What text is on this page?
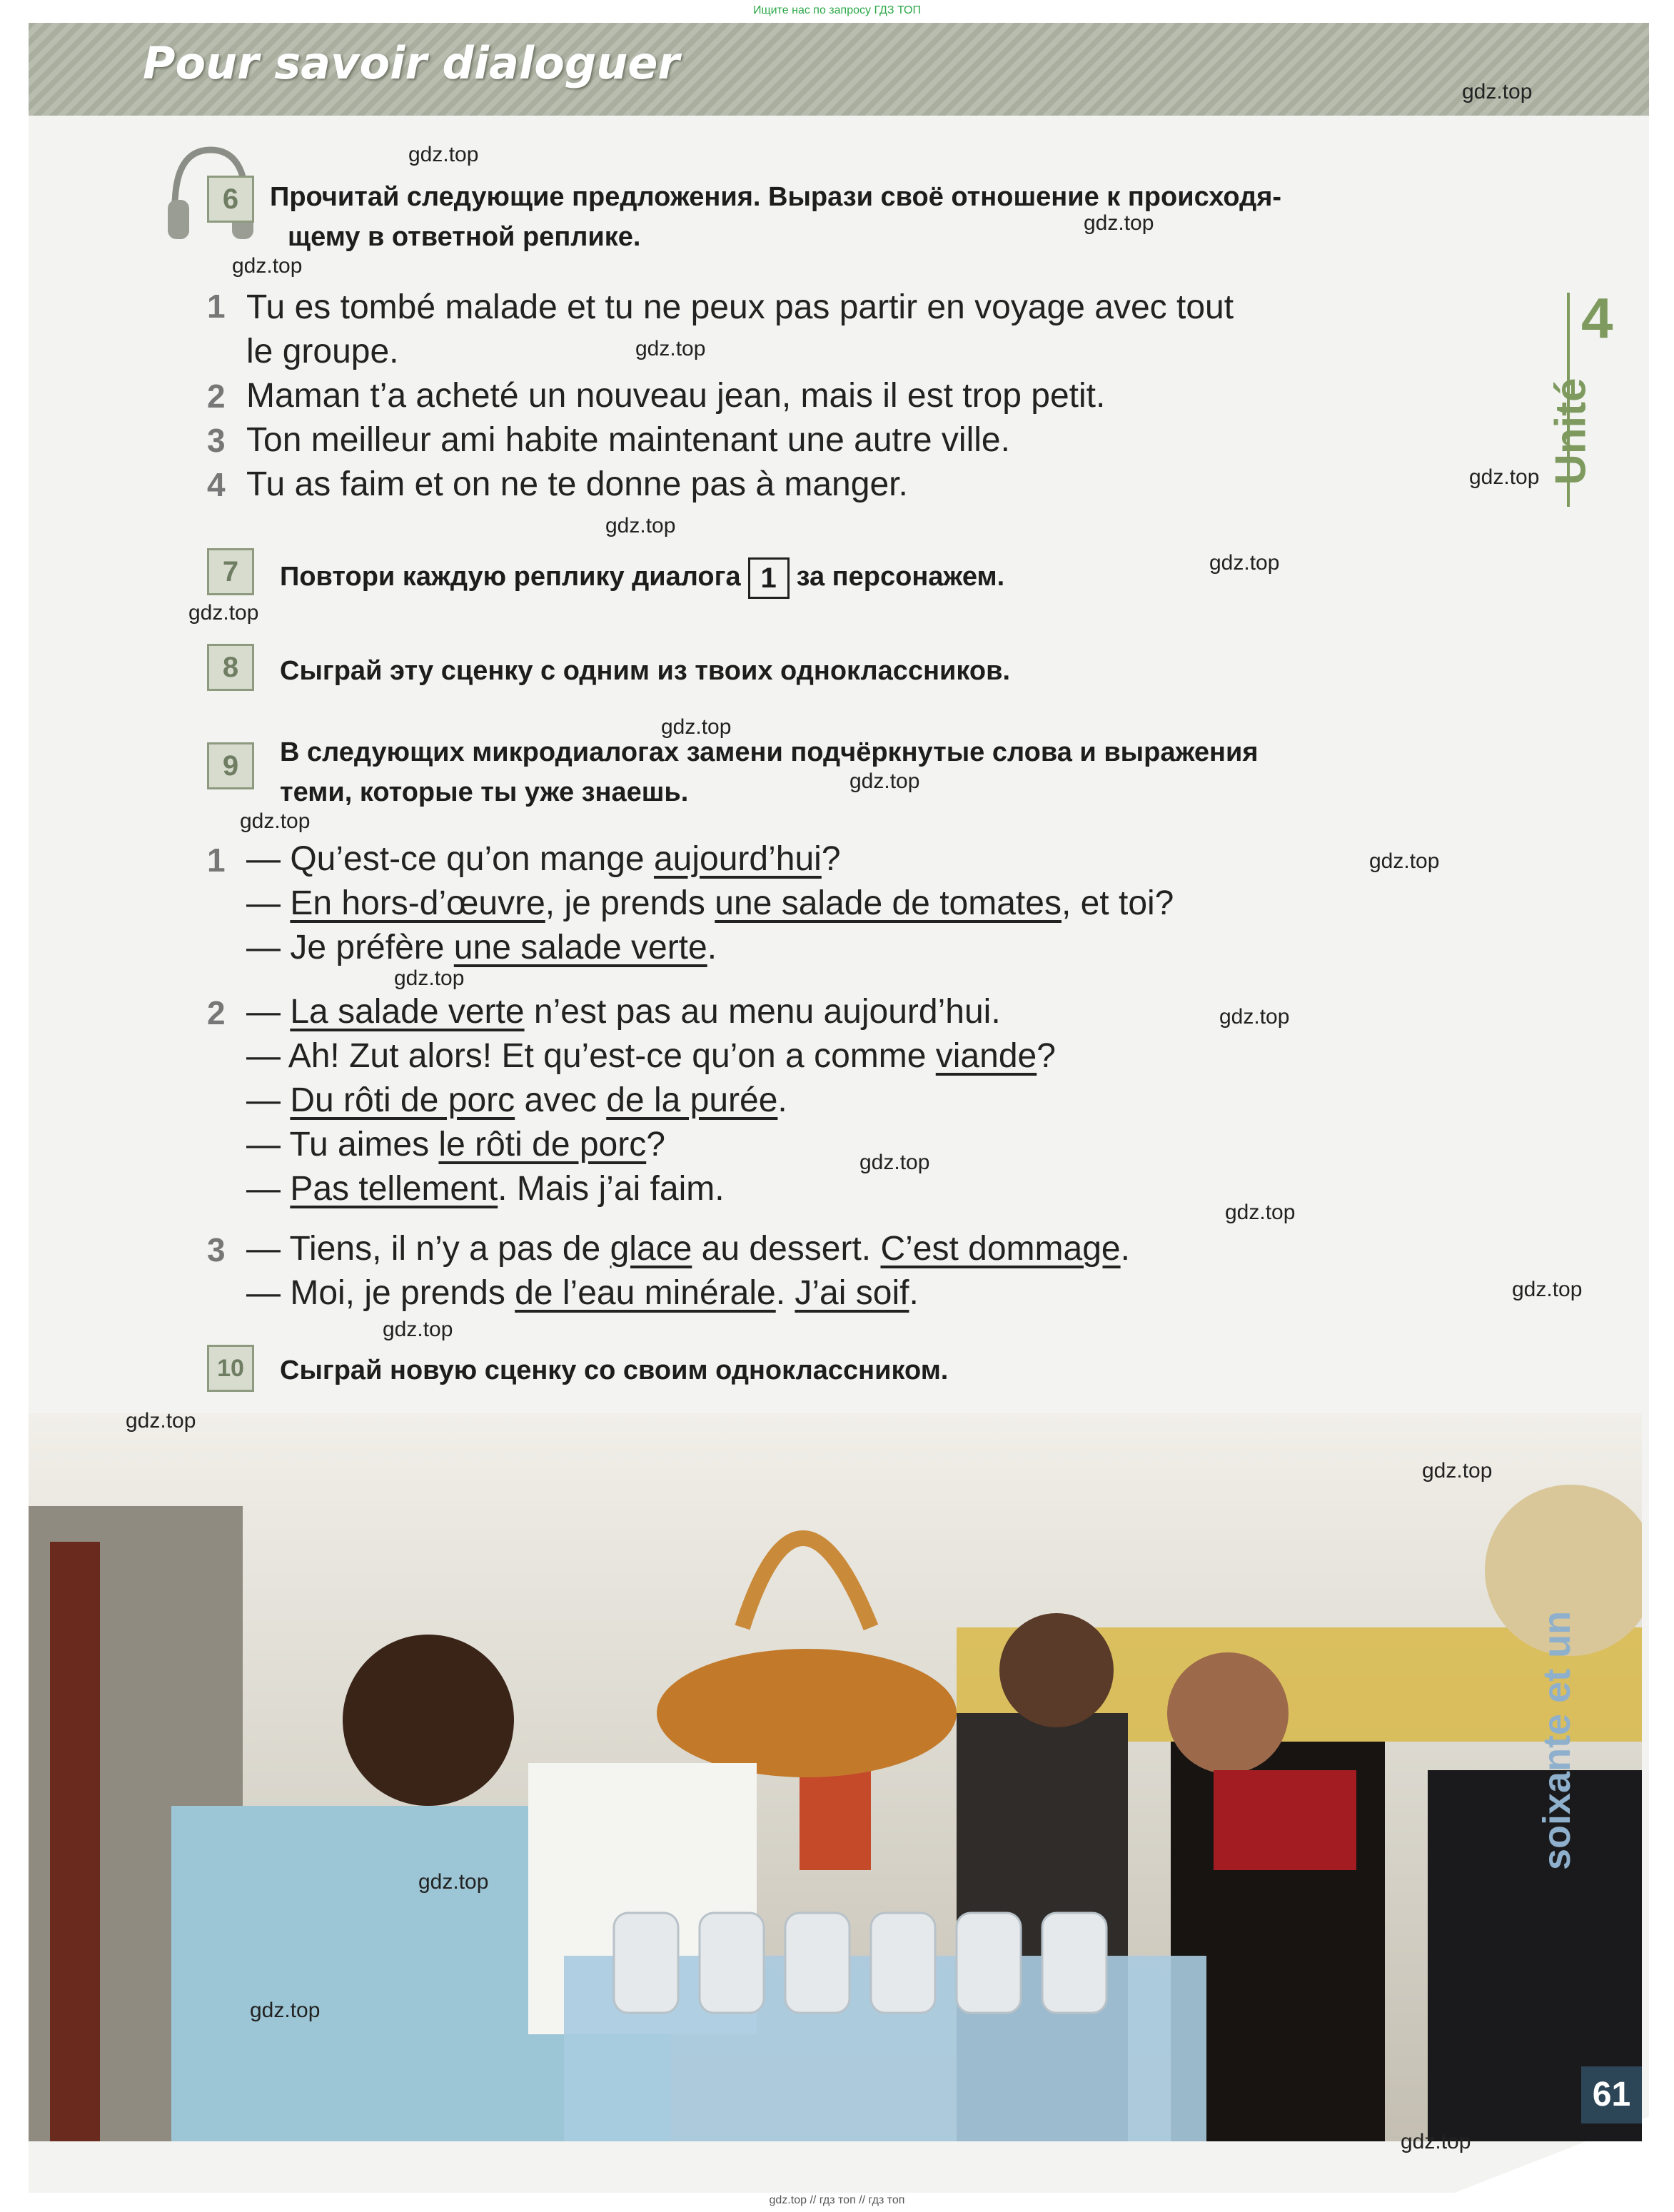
Ищите нас по запросу ГДЗ ТОП
Pour savoir dialoguer
6	Прочитай следующие предложения. Вырази своё отношение к происходя-
щему в ответной реплике.
1 Tu es tombé malade et tu ne peux pas partir en voyage avec tout
le groupe.
2 Maman t’a acheté un nouveau jean, mais il est trop petit.
3 Ton meilleur ami habite maintenant une autre ville.
4 Tu as faim et on ne te donne pas à manger.
7	Повтори каждую реплику диалога 1 за персонажем.
8	Сыграй эту сценку с одним из твоих одноклассников.
9	В следующих микродиалогах замени подчёркнутые слова и выражения
теми, которые ты уже знаешь.
1 — Qu’est-ce qu’on mange aujourd’hui?
— En hors-d’œuvre, je prends une salade de tomates, et toi?
— Je préfère une salade verte.
2 — La salade verte n’est pas au menu aujourd’hui.
— Ah! Zut alors! Et qu’est-ce qu’on a comme viande?
— Du rôti de porc avec de la purée.
— Tu aimes le rôti de porc?
— Pas tellement. Mais j’ai faim.
3 — Tiens, il n’y a pas de glace au dessert. C’est dommage.
— Moi, je prends de l’eau minérale. J’ai soif.
10	Сыграй новую сценку со своим одноклассником.
4
Unité
soixante et un
61
gdz.top
gdz.top
gdz.top
gdz.top
gdz.top
gdz.top
gdz.top
gdz.top
gdz.top
gdz.top
gdz.top
gdz.top
gdz.top
gdz.top
gdz.top
gdz.top
gdz.top
gdz.top
gdz.top
gdz.top
gdz.top
gdz.top
gdz.top
gdz.top
gdz.top // гдз топ // гдз топ
